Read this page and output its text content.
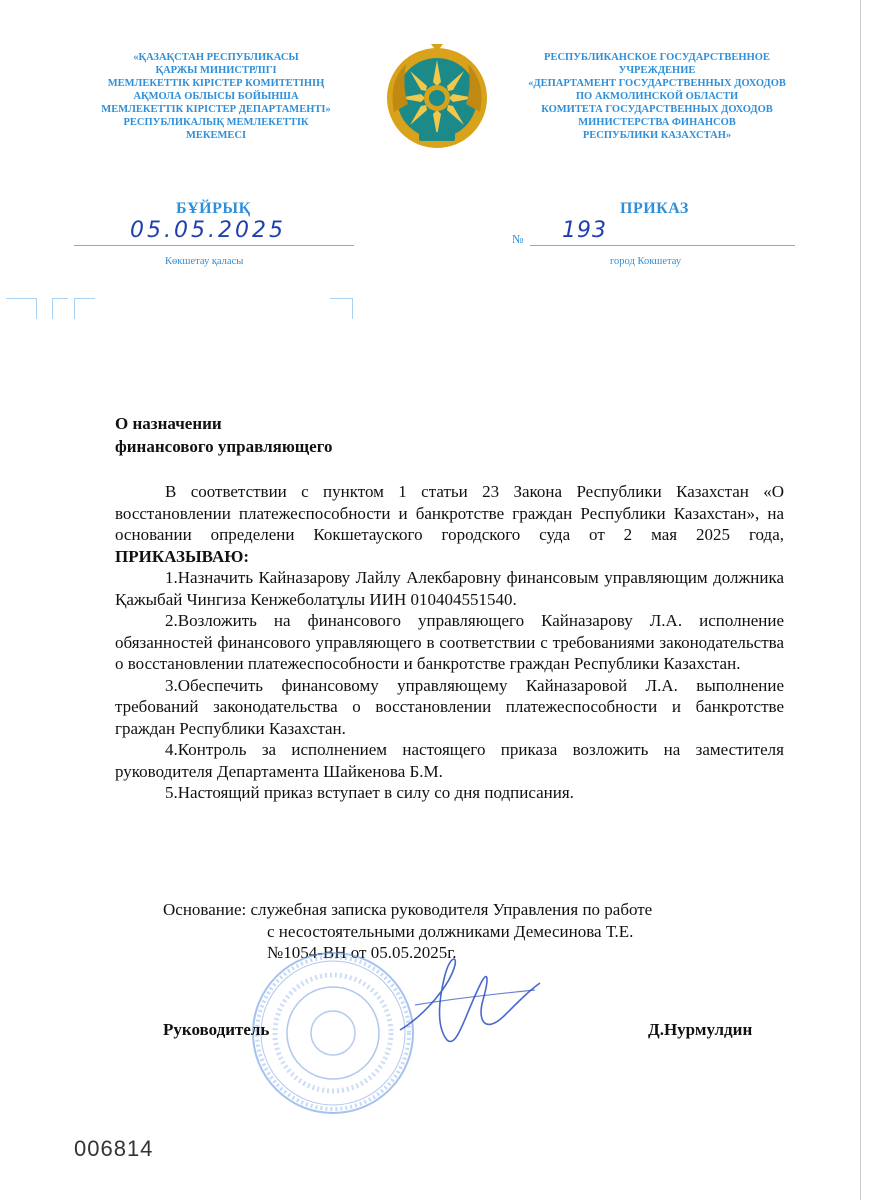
«ҚАЗАҚСТАН РЕСПУБЛИКАСЫ
ҚАРЖЫ МИНИСТРЛІГІ
МЕМЛЕКЕТТІК КІРІСТЕР КОМИТЕТІНІҢ
АҚМОЛА ОБЛЫСЫ БОЙЫНША
МЕМЛЕКЕТТІК КІРІСТЕР ДЕПАРТАМЕНТІ»
РЕСПУБЛИКАЛЫҚ МЕМЛЕКЕТТІК
МЕКЕМЕСІ
РЕСПУБЛИКАНСКОЕ ГОСУДАРСТВЕННОЕ
УЧРЕЖДЕНИЕ
«ДЕПАРТАМЕНТ ГОСУДАРСТВЕННЫХ ДОХОДОВ
ПО АКМОЛИНСКОЙ ОБЛАСТИ
КОМИТЕТА ГОСУДАРСТВЕННЫХ ДОХОДОВ
МИНИСТЕРСТВА ФИНАНСОВ
РЕСПУБЛИКИ КАЗАХСТАН»
БҰЙРЫҚ	ПРИКАЗ
05.05.2025	№ 193
Көкшетау қаласы	город Кокшетау
О назначении
финансового управляющего

В соответствии с пунктом 1 статьи 23 Закона Республики Казахстан «О восстановлении платежеспособности и банкротстве граждан Республики Казахстан», на основании определени Кокшетауского городского суда от 2 мая 2025 года, ПРИКАЗЫВАЮ:

1.Назначить Кайназарову Лайлу Алекбаровну финансовым управляющим должника Қажыбай Чингиза Кенжеболатұлы ИИН 010404551540.

2.Возложить на финансового управляющего Кайназарову Л.А. исполнение обязанностей финансового управляющего в соответствии с требованиями законодательства о восстановлении платежеспособности и банкротстве граждан Республики Казахстан.

3.Обеспечить финансовому управляющему Кайназаровой Л.А. выполнение требований законодательства о восстановлении платежеспособности и банкротстве граждан Республики Казахстан.

4.Контроль за исполнением настоящего приказа возложить на заместителя руководителя Департамента Шайкенова Б.М.

5.Настоящий приказ вступает в силу со дня подписания.

Основание: служебная записка руководителя Управления по работе
с несостоятельными должниками Демесинова Т.Е.
№1054-ВН от 05.05.2025г.
Руководитель	Д.Нурмулдин
006814
